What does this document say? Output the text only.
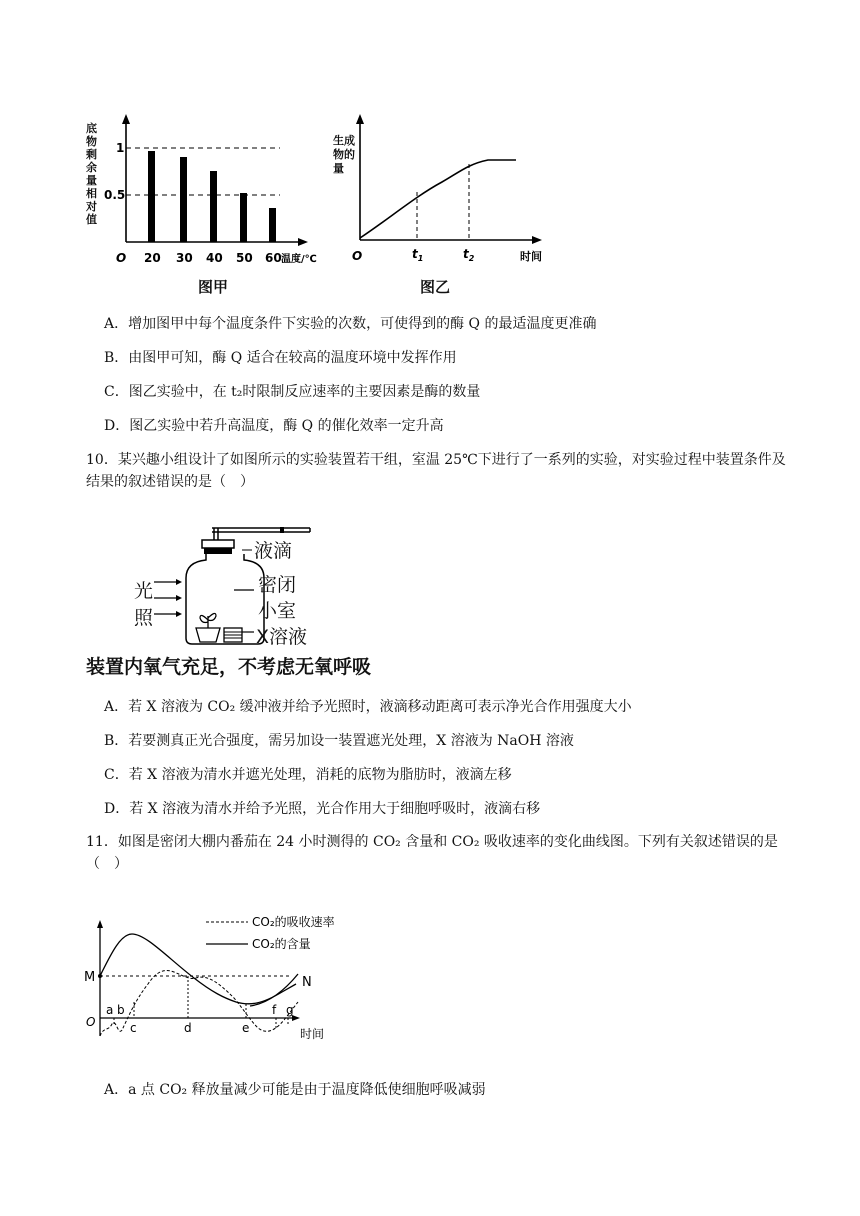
1
0.5
O 20 30 40 50 60 温度/℃
底物剩余量相对值
图甲
O	$t_1$	$t_2$	时间
生成物的量
图乙
A．增加图甲中每个温度条件下实验的次数，可使得到的酶 Q 的最适温度更准确
B．由图甲可知，酶 Q 适合在较高的温度环境中发挥作用
C．图乙实验中，在 t₂时限制反应速率的主要因素是酶的数量
D．图乙实验中若升高温度，酶 Q 的催化效率一定升高
10．某兴趣小组设计了如图所示的实验装置若干组，室温 25℃下进行了一系列的实验，对实验过程中装置条件及结果的叙述错误的是（　）
液滴
密闭
小室
X溶液
光
照
装置内氧气充足，不考虑无氧呼吸
A．若 X 溶液为 CO₂ 缓冲液并给予光照时，液滴移动距离可表示净光合作用强度大小
B．若要测真正光合强度，需另加设一装置遮光处理，X 溶液为 NaOH 溶液
C．若 X 溶液为清水并遮光处理，消耗的底物为脂肪时，液滴左移
D．若 X 溶液为清水并给予光照，光合作用大于细胞呼吸时，液滴右移
11．如图是密闭大棚内番茄在 24 小时测得的 CO₂ 含量和 CO₂ 吸收速率的变化曲线图。下列有关叙述错误的是（　）
CO₂的吸收速率
CO₂的含量
M	N
O
a b
c	d	e
f g
时间
A．a 点 CO₂ 释放量减少可能是由于温度降低使细胞呼吸减弱
